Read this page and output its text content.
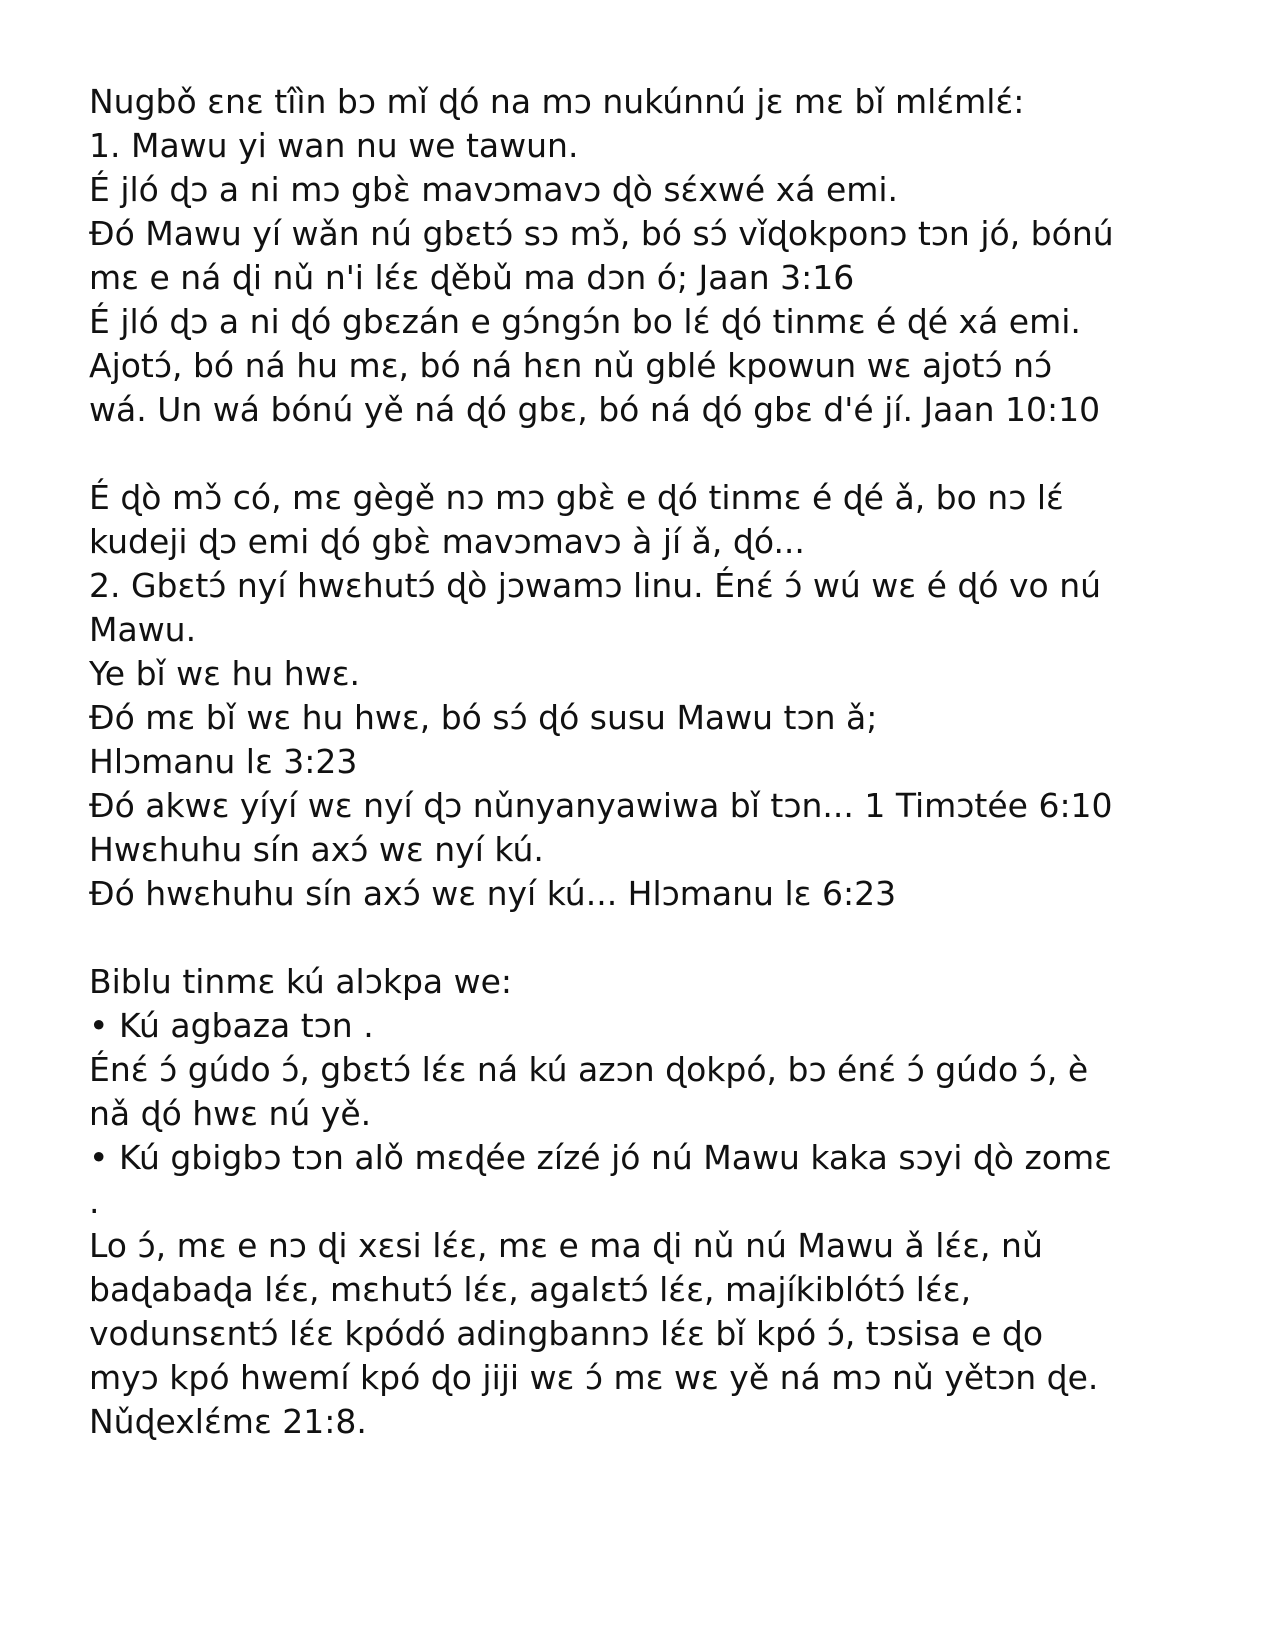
Nugbǒ ɛnɛ tîìn bɔ mǐ ɖó na mɔ nukúnnú jɛ mɛ bǐ mlɛ́mlɛ́:
1. Mawu yi wan nu we tawun.
É jló ɖɔ a ni mɔ gbɛ̀ mavɔmavɔ ɖò sɛ́xwé xá emi.
Đó Mawu yí wǎn nú gbɛtɔ́ sɔ mɔ̌, bó sɔ́ vǐɖokponɔ tɔn jó, bónú
mɛ e ná ɖi nǔ n'i lɛ́ɛ ɖěbǔ ma dɔn ó; Jaan 3:16
É jló ɖɔ a ni ɖó gbɛzán e gɔ́ngɔ́n bo lɛ́ ɖó tinmɛ é ɖé xá emi.
Ajotɔ́, bó ná hu mɛ, bó ná hɛn nǔ gblé kpowun wɛ ajotɔ́ nɔ́
wá. Un wá bónú yě ná ɖó gbɛ, bó ná ɖó gbɛ d'é jí. Jaan 10:10
É ɖò mɔ̌ có, mɛ gègě nɔ mɔ gbɛ̀ e ɖó tinmɛ é ɖé ǎ, bo nɔ lɛ́
kudeji ɖɔ emi ɖó gbɛ̀ mavɔmavɔ à jí ǎ, ɖó...
2. Gbɛtɔ́ nyí hwɛhutɔ́ ɖò jɔwamɔ linu. Énɛ́ ɔ́ wú wɛ é ɖó vo nú
Mawu.
Ye bǐ wɛ hu hwɛ.
Đó mɛ bǐ wɛ hu hwɛ, bó sɔ́ ɖó susu Mawu tɔn ǎ;
Hlɔmanu lɛ 3:23
Đó akwɛ yíyí wɛ nyí ɖɔ nǔnyanyawiwa bǐ tɔn... 1 Timɔtée 6:10
Hwɛhuhu sín axɔ́ wɛ nyí kú.
Đó hwɛhuhu sín axɔ́ wɛ nyí kú... Hlɔmanu lɛ 6:23
Biblu tinmɛ kú alɔkpa we:
• Kú agbaza tɔn .
Énɛ́ ɔ́ gúdo ɔ́, gbɛtɔ́ lɛ́ɛ ná kú azɔn ɖokpó, bɔ énɛ́ ɔ́ gúdo ɔ́, è
nǎ ɖó hwɛ nú yě.
• Kú gbigbɔ tɔn alǒ mɛɖée zízé jó nú Mawu kaka sɔyi ɖò zomɛ
.
Lo ɔ́, mɛ e nɔ ɖi xɛsi lɛ́ɛ, mɛ e ma ɖi nǔ nú Mawu ǎ lɛ́ɛ, nǔ
baɖabaɖa lɛ́ɛ, mɛhutɔ́ lɛ́ɛ, agalɛtɔ́ lɛ́ɛ, majíkiblótɔ́ lɛ́ɛ,
vodunsɛntɔ́ lɛ́ɛ kpódó adingbannɔ lɛ́ɛ bǐ kpó ɔ́, tɔsisa e ɖo
myɔ kpó hwemí kpó ɖo jiji wɛ ɔ́ mɛ wɛ yě ná mɔ nǔ yětɔn ɖe.
Nǔɖexlɛ́mɛ 21:8.
